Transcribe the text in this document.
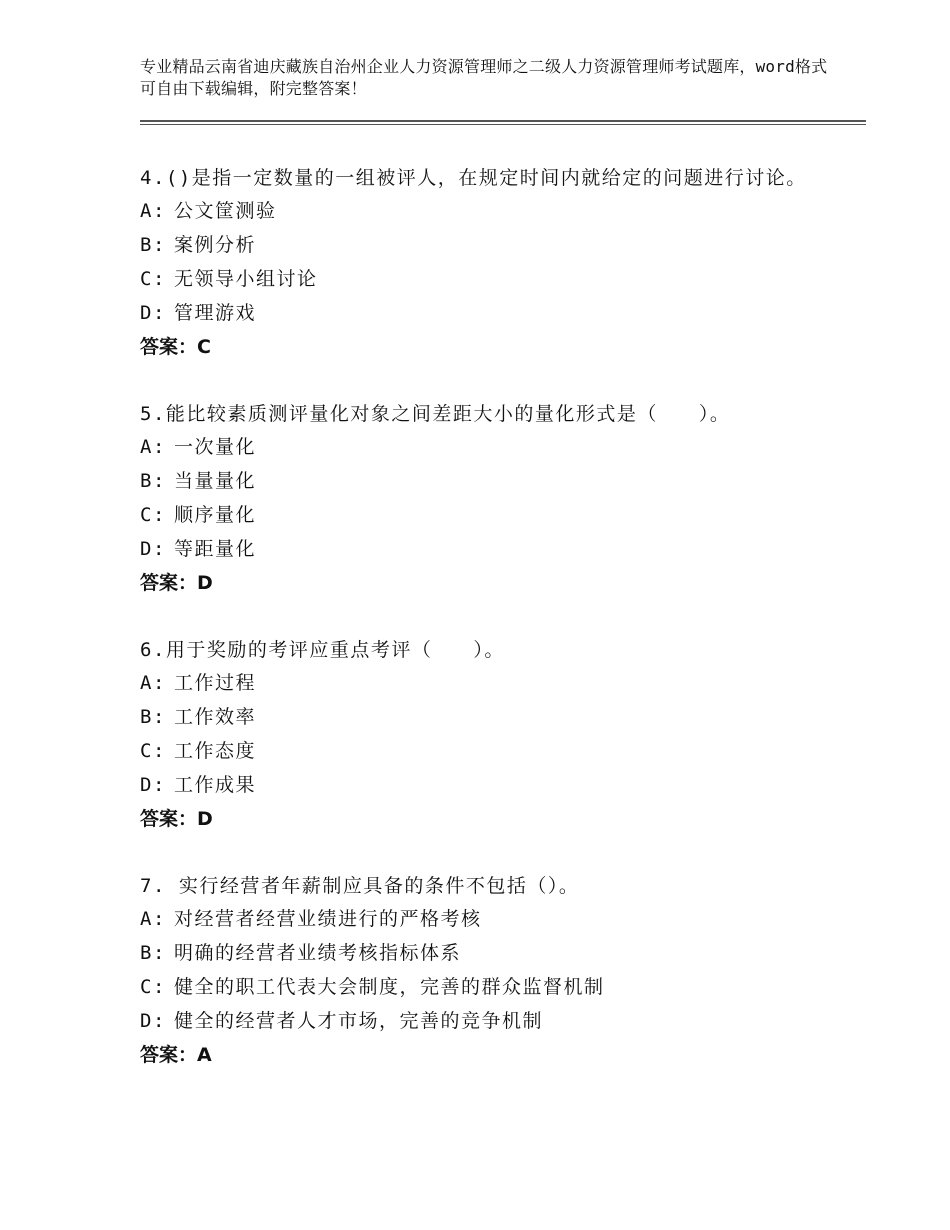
专业精品云南省迪庆藏族自治州企业人力资源管理师之二级人力资源管理师考试题库，word格式可自由下载编辑，附完整答案！

4.()是指一定数量的一组被评人，在规定时间内就给定的问题进行讨论。

A: 公文筐测验

B: 案例分析

C: 无领导小组讨论

D: 管理游戏

答案：C

5.能比较素质测评量化对象之间差距大小的量化形式是（　　）。

A: 一次量化

B: 当量量化

C: 顺序量化

D: 等距量化

答案：D

6.用于奖励的考评应重点考评（　　）。

A: 工作过程

B: 工作效率

C: 工作态度

D: 工作成果

答案：D

7. 实行经营者年薪制应具备的条件不包括（）。

A: 对经营者经营业绩进行的严格考核

B: 明确的经营者业绩考核指标体系

C: 健全的职工代表大会制度，完善的群众监督机制

D: 健全的经营者人才市场，完善的竞争机制

答案：A
